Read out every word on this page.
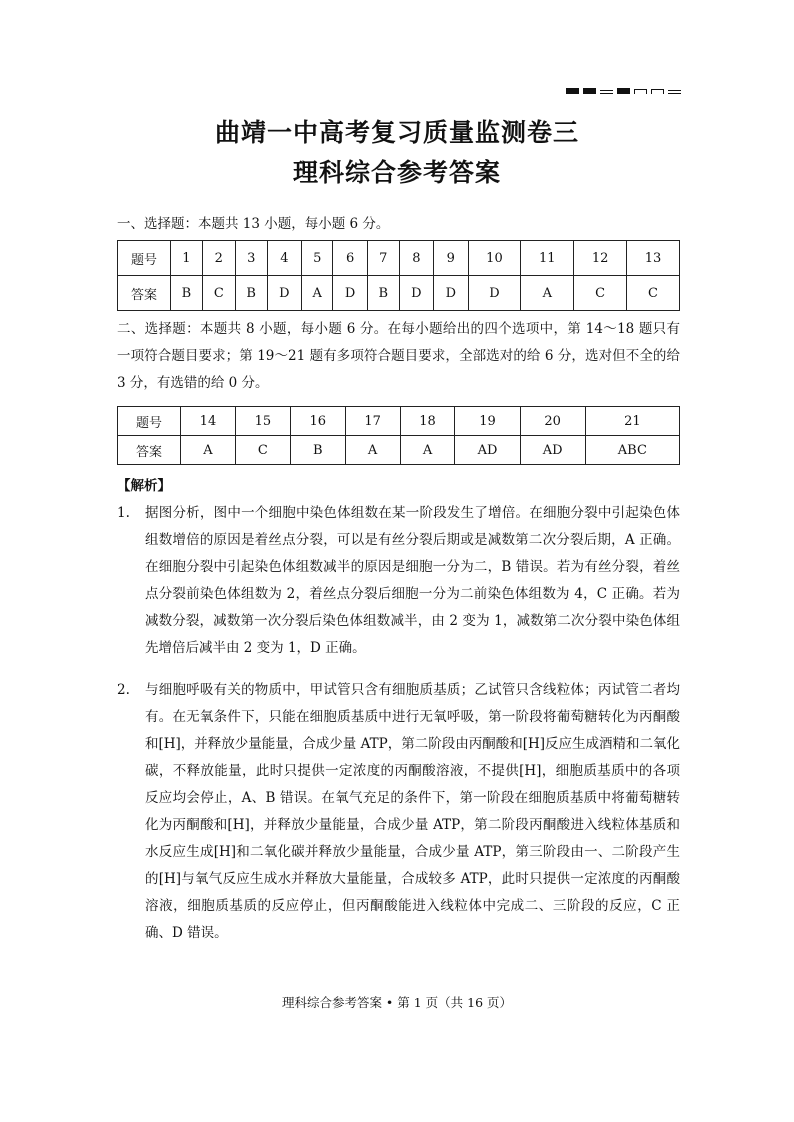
曲靖一中高考复习质量监测卷三
理科综合参考答案
一、选择题：本题共 13 小题，每小题 6 分。
题号	1	2	3	4	5	6	7	8	9	10	11	12	13
答案	B	C	B	D	A	D	B	D	D	D	A	C	C
二、选择题：本题共 8 小题，每小题 6 分。在每小题给出的四个选项中，第 14～18 题只有一项符合题目要求；第 19～21 题有多项符合题目要求，全部选对的给 6 分，选对但不全的给 3 分，有选错的给 0 分。
题号	14	15	16	17	18	19	20	21
答案	A	C	B	A	A	AD	AD	ABC
【解析】
1.	据图分析，图中一个细胞中染色体组数在某一阶段发生了增倍。在细胞分裂中引起染色体组数增倍的原因是着丝点分裂，可以是有丝分裂后期或是减数第二次分裂后期，A 正确。在细胞分裂中引起染色体组数减半的原因是细胞一分为二，B 错误。若为有丝分裂，着丝点分裂前染色体组数为 2，着丝点分裂后细胞一分为二前染色体组数为 4，C 正确。若为减数分裂，减数第一次分裂后染色体组数减半，由 2 变为 1，减数第二次分裂中染色体组先增倍后减半由 2 变为 1，D 正确。
2.	与细胞呼吸有关的物质中，甲试管只含有细胞质基质；乙试管只含线粒体；丙试管二者均有。在无氧条件下，只能在细胞质基质中进行无氧呼吸，第一阶段将葡萄糖转化为丙酮酸和[H]，并释放少量能量，合成少量 ATP，第二阶段由丙酮酸和[H]反应生成酒精和二氧化碳，不释放能量，此时只提供一定浓度的丙酮酸溶液，不提供[H]，细胞质基质中的各项反应均会停止，A、B 错误。在氧气充足的条件下，第一阶段在细胞质基质中将葡萄糖转化为丙酮酸和[H]，并释放少量能量，合成少量 ATP，第二阶段丙酮酸进入线粒体基质和水反应生成[H]和二氧化碳并释放少量能量，合成少量 ATP，第三阶段由一、二阶段产生的[H]与氧气反应生成水并释放大量能量，合成较多 ATP，此时只提供一定浓度的丙酮酸溶液，细胞质基质的反应停止，但丙酮酸能进入线粒体中完成二、三阶段的反应，C 正确、D 错误。
理科综合参考答案 • 第 1 页（共 16 页）
